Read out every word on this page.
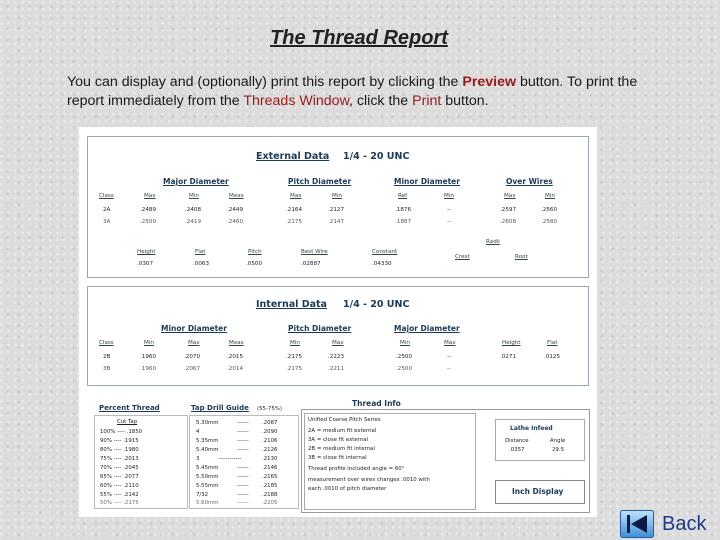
The Thread Report
You can display and (optionally) print this report by clicking the Preview button. To print the report immediately from the Threads Window, click the Print button.
External Data 1/4 - 20 UNC
Major Diameter	Pitch Diameter	Minor Diameter	Over Wires
Class	Max	Min	Meas	Max	Min	Ref	Min	Max	Min
2A	.2489	.2408	.2449	.2164	.2127	.1876	--	.2597	.2560
3A	.2500	.2419	.2460	.2175	.2147	.1887	--	.2608	.2580
Radii
Height	Flat	Pitch	Best Wire	Constant
Crest	Root
.0307	.0063	.0500	.02887	.04330
Internal Data 1/4 - 20 UNC
Minor Diameter	Pitch Diameter	Major Diameter
Class	Min	Max	Meas	Min	Max	Min	Max	Height	Flat
2B	.1960	.2070	.2015	.2175	.2223	.2500	--	.0271	.0125
3B	.1960	.2067	.2014	.2175	.2211	.2500	--
Percent Thread
Cut Tap
100% ---- .1850
90% ---- .1915
80% ---- .1980
75% ---- .2013
70% ---- .2045
65% ---- .2077
60% ---- .2110
55% ---- .2142
50% ---- .2175
Tap Drill Guide (55-75%)
5.30mm	------ .2087
4	------ .2090
5.35mm	------ .2106
5.40mm	------ .2126
3	------------	.2130
5.45mm	------ .2146
5.50mm	------ .2165
5.55mm	------ .2185
7/32	------ .2188
5.60mm	------ .2205
Thread Info
Unified Coarse Pitch Series
2A = medium fit external
3A = close fit external
2B = medium fit internal
3B = close fit internal
Thread profile included angle = 60°
measurement over wires changes .0010 with
each .0010 of pitch diameter
Lathe Infeed
Distance	Angle
.0357	29.5
Inch Display
Back
